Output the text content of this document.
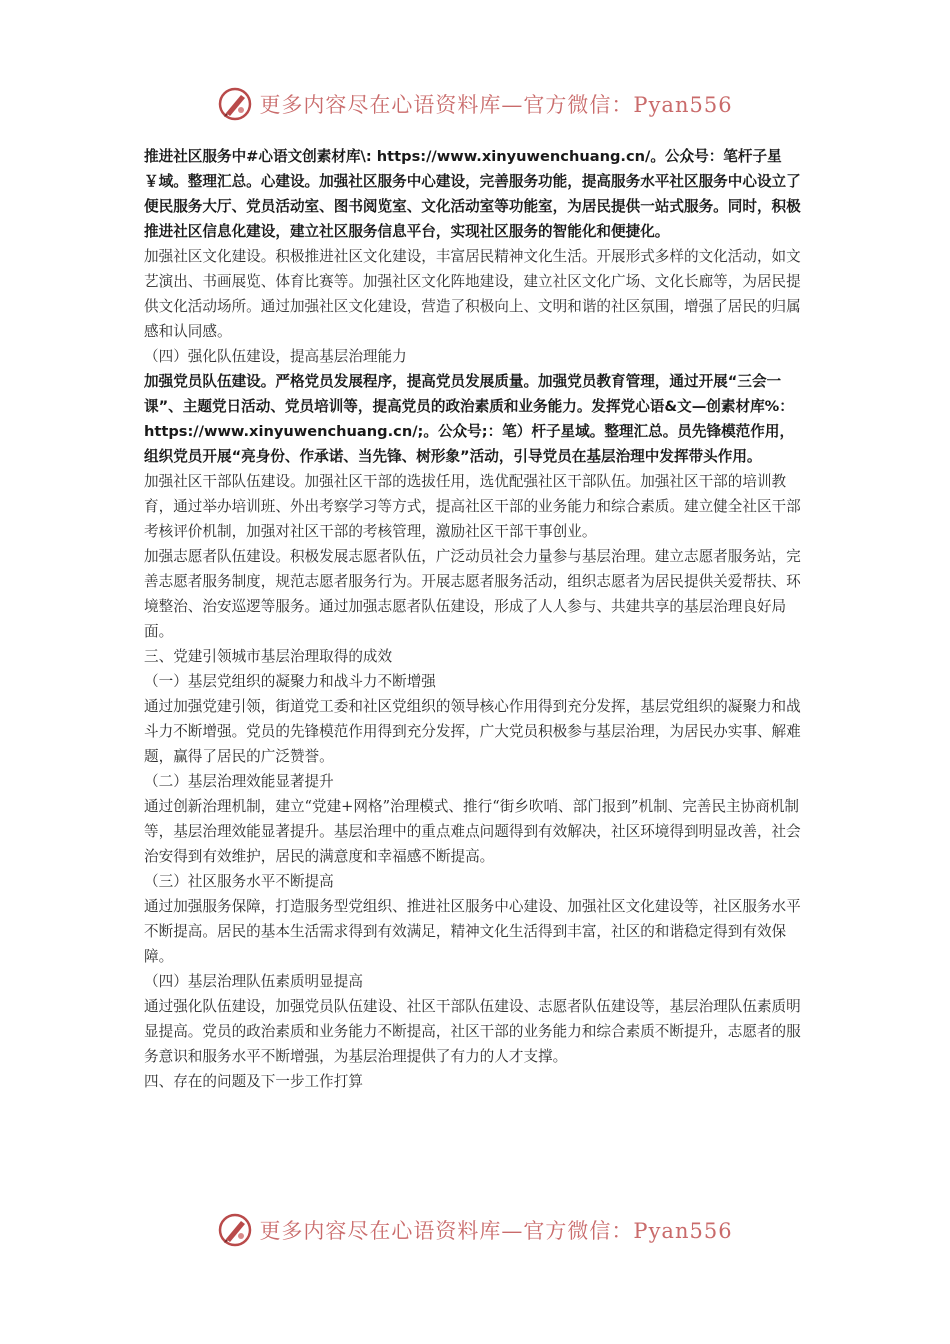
更多内容尽在心语资料库—官方微信：Pyan556

推进社区服务中#心语文创素材库\: https://www.xinyuwenchuang.cn/。公众号：笔杆子星￥域。整理汇总。心建设。加强社区服务中心建设，完善服务功能，提高服务水平社区服务中心设立了便民服务大厅、党员活动室、图书阅览室、文化活动室等功能室，为居民提供一站式服务。同时，积极推进社区信息化建设，建立社区服务信息平台，实现社区服务的智能化和便捷化。

加强社区文化建设。积极推进社区文化建设，丰富居民精神文化生活。开展形式多样的文化活动，如文艺演出、书画展览、体育比赛等。加强社区文化阵地建设，建立社区文化广场、文化长廊等，为居民提供文化活动场所。通过加强社区文化建设，营造了积极向上、文明和谐的社区氛围，增强了居民的归属感和认同感。

（四）强化队伍建设，提高基层治理能力

加强党员队伍建设。严格党员发展程序，提高党员发展质量。加强党员教育管理，通过开展“三会一课”、主题党日活动、党员培训等，提高党员的政治素质和业务能力。发挥党心语&文—创素材库%：https://www.xinyuwenchuang.cn/;。公众号;：笔）杆子星域。整理汇总。员先锋模范作用，组织党员开展“亮身份、作承诺、当先锋、树形象”活动，引导党员在基层治理中发挥带头作用。

加强社区干部队伍建设。加强社区干部的选拔任用，选优配强社区干部队伍。加强社区干部的培训教育，通过举办培训班、外出考察学习等方式，提高社区干部的业务能力和综合素质。建立健全社区干部考核评价机制，加强对社区干部的考核管理，激励社区干部干事创业。

加强志愿者队伍建设。积极发展志愿者队伍，广泛动员社会力量参与基层治理。建立志愿者服务站，完善志愿者服务制度，规范志愿者服务行为。开展志愿者服务活动，组织志愿者为居民提供关爱帮扶、环境整治、治安巡逻等服务。通过加强志愿者队伍建设，形成了人人参与、共建共享的基层治理良好局面。

三、党建引领城市基层治理取得的成效

（一）基层党组织的凝聚力和战斗力不断增强

通过加强党建引领，街道党工委和社区党组织的领导核心作用得到充分发挥，基层党组织的凝聚力和战斗力不断增强。党员的先锋模范作用得到充分发挥，广大党员积极参与基层治理，为居民办实事、解难题，赢得了居民的广泛赞誉。

（二）基层治理效能显著提升

通过创新治理机制，建立“党建+网格”治理模式、推行“街乡吹哨、部门报到”机制、完善民主协商机制等，基层治理效能显著提升。基层治理中的重点难点问题得到有效解决，社区环境得到明显改善，社会治安得到有效维护，居民的满意度和幸福感不断提高。

（三）社区服务水平不断提高

通过加强服务保障，打造服务型党组织、推进社区服务中心建设、加强社区文化建设等，社区服务水平不断提高。居民的基本生活需求得到有效满足，精神文化生活得到丰富，社区的和谐稳定得到有效保障。

（四）基层治理队伍素质明显提高

通过强化队伍建设，加强党员队伍建设、社区干部队伍建设、志愿者队伍建设等，基层治理队伍素质明显提高。党员的政治素质和业务能力不断提高，社区干部的业务能力和综合素质不断提升，志愿者的服务意识和服务水平不断增强，为基层治理提供了有力的人才支撑。

四、存在的问题及下一步工作打算

更多内容尽在心语资料库—官方微信：Pyan556
